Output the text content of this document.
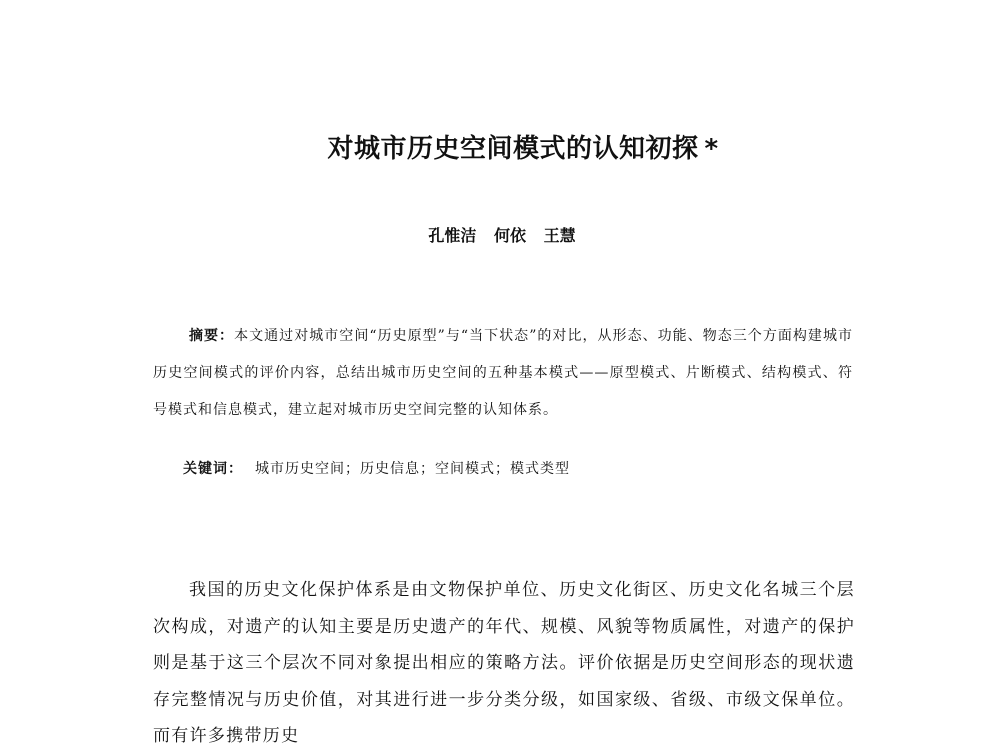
对城市历史空间模式的认知初探 *
孔惟洁 何依 王慧
摘要：本文通过对城市空间“历史原型”与“当下状态”的对比，从形态、功能、物态三个方面构建城市历史空间模式的评价内容，总结出城市历史空间的五种基本模式——原型模式、片断模式、结构模式、符号模式和信息模式，建立起对城市历史空间完整的认知体系。
关键词： 城市历史空间；历史信息；空间模式；模式类型
我国的历史文化保护体系是由文物保护单位、历史文化街区、历史文化名城三个层次构成，对遗产的认知主要是历史遗产的年代、规模、风貌等物质属性，对遗产的保护则是基于这三个层次不同对象提出相应的策略方法。评价依据是历史空间形态的现状遗存完整情况与历史价值，对其进行进一步分类分级，如国家级、省级、市级文保单位。而有许多携带历史
